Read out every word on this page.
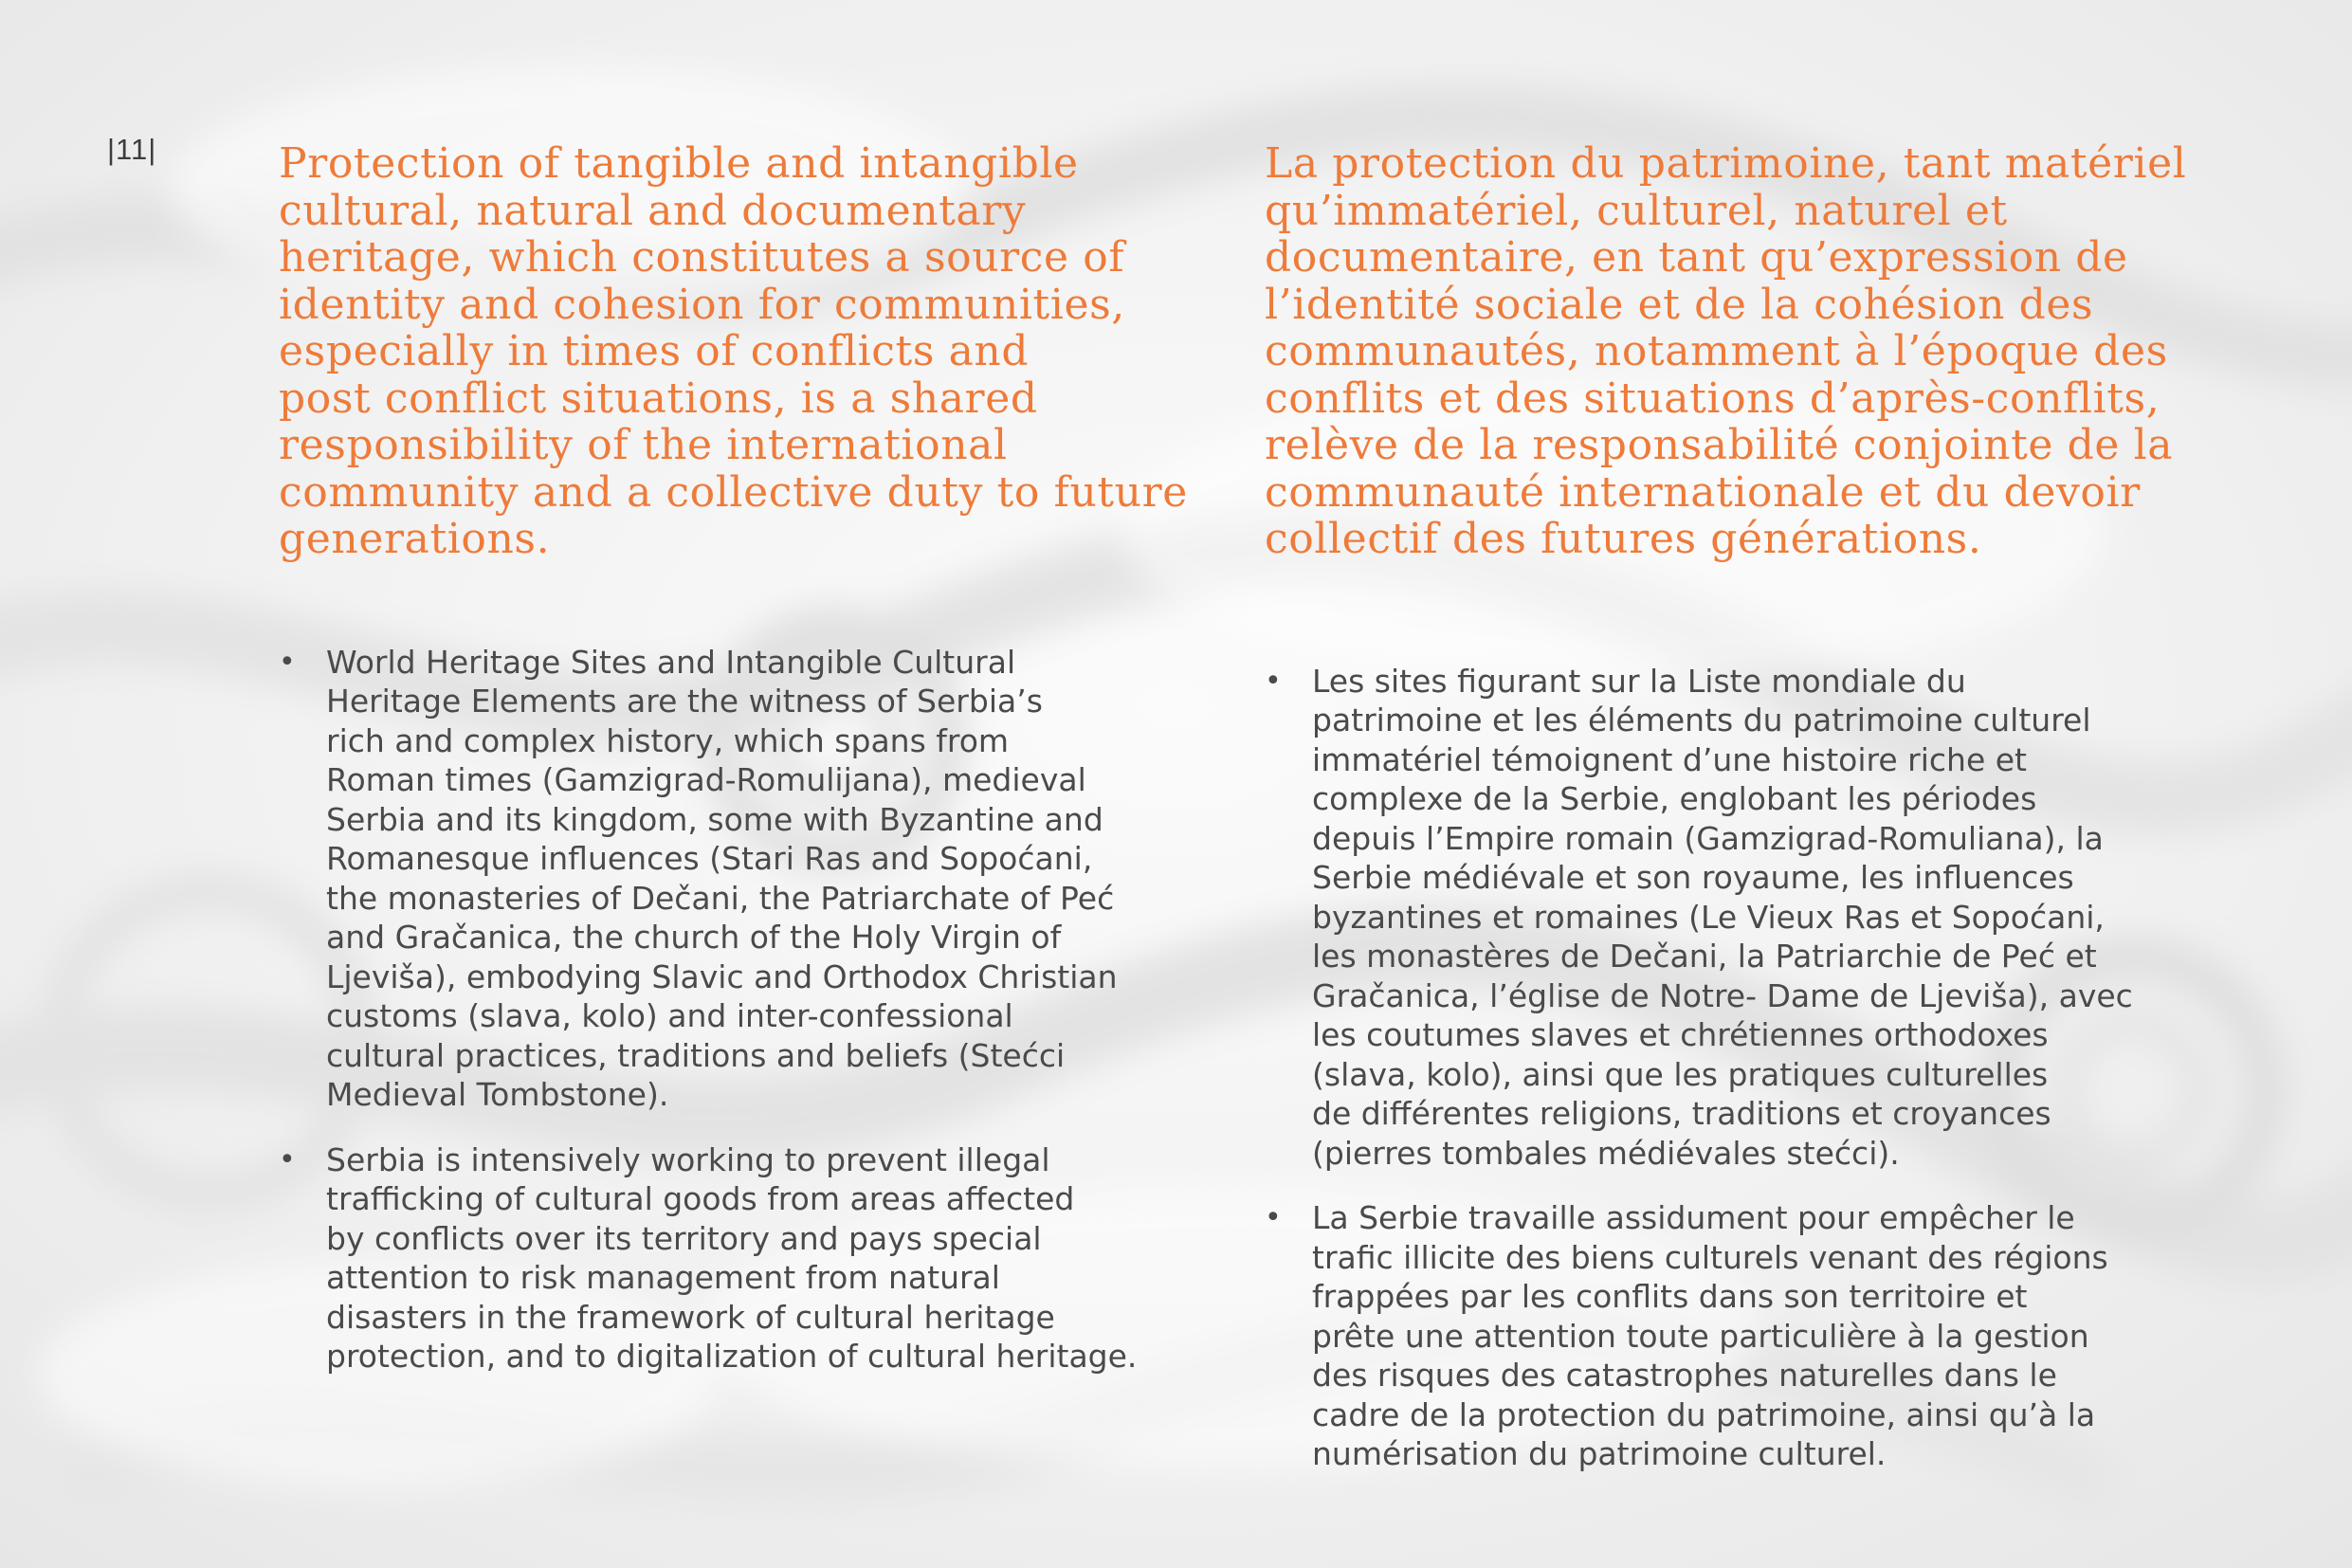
|11|	Protection of tangible and intangible
cultural, natural and documentary
heritage, which constitutes a source of
identity and cohesion for communities,
especially in times of conflicts and
post conflict situations, is a shared
responsibility of the international
community and a collective duty to future
generations.

• World Heritage Sites and Intangible Cultural
Heritage Elements are the witness of Serbia’s
rich and complex history, which spans from
Roman times (Gamzigrad-Romulijana), medieval
Serbia and its kingdom, some with Byzantine and
Romanesque influences (Stari Ras and Sopoćani,
the monasteries of Dečani, the Patriarchate of Peć
and Gračanica, the church of the Holy Virgin of
Ljeviša), embodying Slavic and Orthodox Christian
customs (slava, kolo) and inter-confessional
cultural practices, traditions and beliefs (Stećci
Medieval Tombstone).
• Serbia is intensively working to prevent illegal
trafficking of cultural goods from areas affected
by conflicts over its territory and pays special
attention to risk management from natural
disasters in the framework of cultural heritage
protection, and to digitalization of cultural heritage.

La protection du patrimoine, tant matériel
qu’immatériel, culturel, naturel et
documentaire, en tant qu’expression de
l’identité sociale et de la cohésion des
communautés, notamment à l’époque des
conflits et des situations d’après-conflits,
relève de la responsabilité conjointe de la
communauté internationale et du devoir
collectif des futures générations.

• Les sites figurant sur la Liste mondiale du
patrimoine et les éléments du patrimoine culturel
immatériel témoignent d’une histoire riche et
complexe de la Serbie, englobant les périodes
depuis l’Empire romain (Gamzigrad-Romuliana), la
Serbie médiévale et son royaume, les influences
byzantines et romaines (Le Vieux Ras et Sopoćani,
les monastères de Dečani, la Patriarchie de Peć et
Gračanica, l’église de Notre- Dame de Ljeviša), avec
les coutumes slaves et chrétiennes orthodoxes
(slava, kolo), ainsi que les pratiques culturelles
de différentes religions, traditions et croyances
(pierres tombales médiévales stećci).
• La Serbie travaille assidument pour empêcher le
trafic illicite des biens culturels venant des régions
frappées par les conflits dans son territoire et
prête une attention toute particulière à la gestion
des risques des catastrophes naturelles dans le
cadre de la protection du patrimoine, ainsi qu’à la
numérisation du patrimoine culturel.
